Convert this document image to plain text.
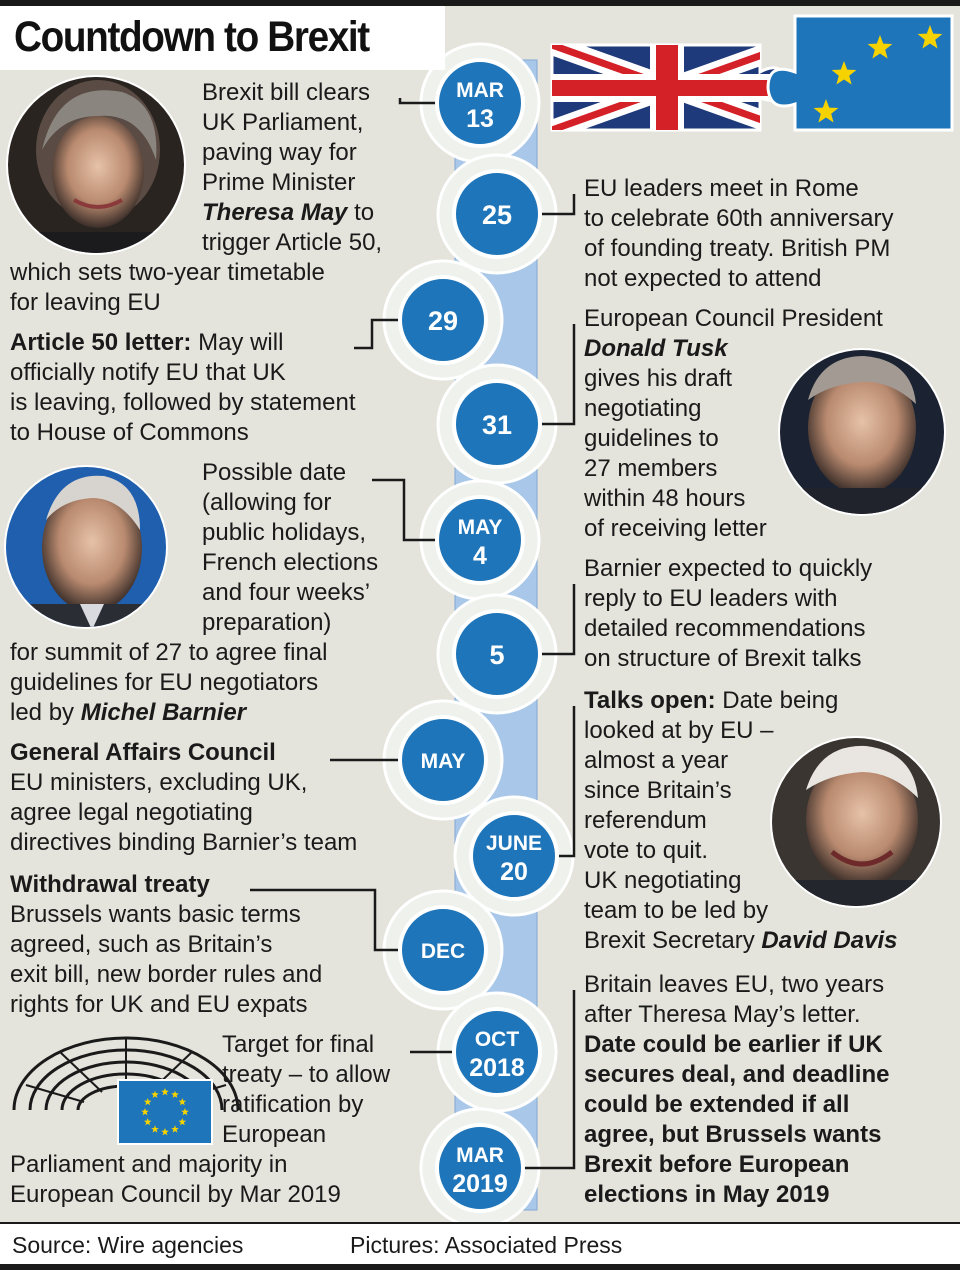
MAR
13
25
29
31
MAY
4
5
MAY
JUNE
20
DEC
OCT
2018
MAR
2019
Countdown to Brexit
Brexit bill clears
UK Parliament,
paving way for
Prime Minister
Theresa May to
trigger Article 50,
which sets two-year timetable
for leaving EU
EU leaders meet in Rome
to celebrate 60th anniversary
of founding treaty. British PM
not expected to attend
Article 50 letter: May will
officially notify EU that UK
is leaving, followed by statement
to House of Commons
European Council President
Donald Tusk
gives his draft
negotiating
guidelines to
27 members
within 48 hours
of receiving letter
Possible date
(allowing for
public holidays,
French elections
and four weeks’
preparation)
for summit of 27 to agree final
guidelines for EU negotiators
led by Michel Barnier
Barnier expected to quickly
reply to EU leaders with
detailed recommendations
on structure of Brexit talks
General Affairs Council
EU ministers, excluding UK,
agree legal negotiating
directives binding Barnier’s team
Talks open: Date being
looked at by EU –
almost a year
since Britain’s
referendum
vote to quit.
UK negotiating
team to be led by
Brexit Secretary David Davis
Withdrawal treaty
Brussels wants basic terms
agreed, such as Britain’s
exit bill, new border rules and
rights for UK and EU expats
Target for final
treaty – to allow
ratification by
European
Parliament and majority in
European Council by Mar 2019
Britain leaves EU, two years
after Theresa May’s letter.
Date could be earlier if UK
secures deal, and deadline
could be extended if all
agree, but Brussels wants
Brexit before European
elections in May 2019
Source: Wire agencies	Pictures: Associated Press
